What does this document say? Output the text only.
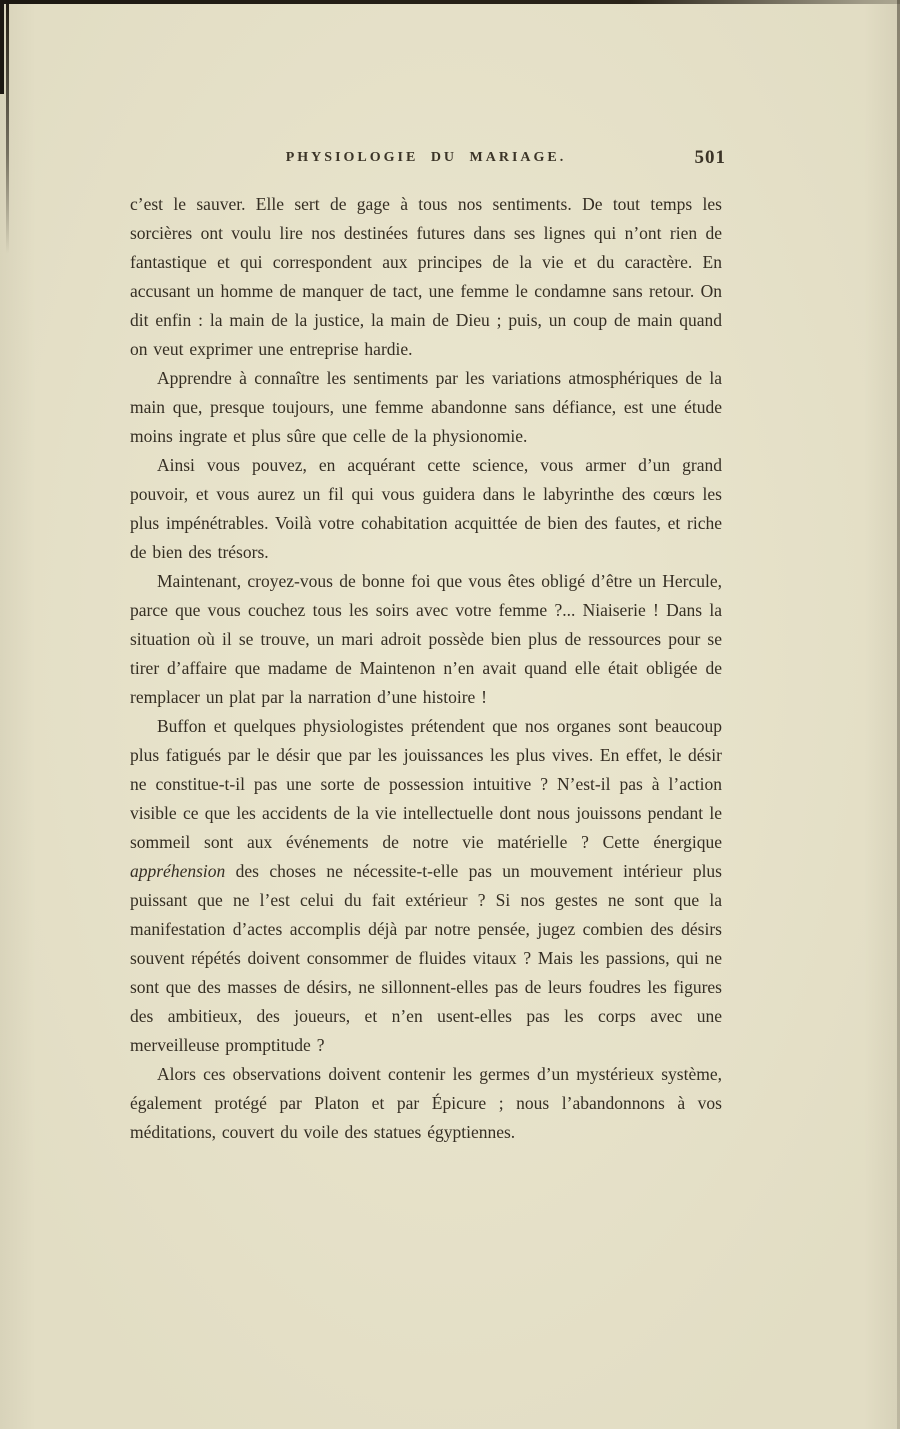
PHYSIOLOGIE DU MARIAGE.	501

c’est le sauver. Elle sert de gage à tous nos sentiments. De tout temps les sorcières ont voulu lire nos destinées futures dans ses lignes qui n’ont rien de fantastique et qui correspondent aux principes de la vie et du caractère. En accusant un homme de manquer de tact, une femme le condamne sans retour. On dit enfin : la main de la justice, la main de Dieu ; puis, un coup de main quand on veut exprimer une entreprise hardie.

Apprendre à connaître les sentiments par les variations atmosphériques de la main que, presque toujours, une femme abandonne sans défiance, est une étude moins ingrate et plus sûre que celle de la physionomie.

Ainsi vous pouvez, en acquérant cette science, vous armer d’un grand pouvoir, et vous aurez un fil qui vous guidera dans le labyrinthe des cœurs les plus impénétrables. Voilà votre cohabitation acquittée de bien des fautes, et riche de bien des trésors.

Maintenant, croyez-vous de bonne foi que vous êtes obligé d’être un Hercule, parce que vous couchez tous les soirs avec votre femme ?... Niaiserie ! Dans la situation où il se trouve, un mari adroit possède bien plus de ressources pour se tirer d’affaire que madame de Maintenon n’en avait quand elle était obligée de remplacer un plat par la narration d’une histoire !

Buffon et quelques physiologistes prétendent que nos organes sont beaucoup plus fatigués par le désir que par les jouissances les plus vives. En effet, le désir ne constitue-t-il pas une sorte de possession intuitive ? N’est-il pas à l’action visible ce que les accidents de la vie intellectuelle dont nous jouissons pendant le sommeil sont aux événements de notre vie matérielle ? Cette énergique appréhension des choses ne nécessite-t-elle pas un mouvement intérieur plus puissant que ne l’est celui du fait extérieur ? Si nos gestes ne sont que la manifestation d’actes accomplis déjà par notre pensée, jugez combien des désirs souvent répétés doivent consommer de fluides vitaux ? Mais les passions, qui ne sont que des masses de désirs, ne sillonnent-elles pas de leurs foudres les figures des ambitieux, des joueurs, et n’en usent-elles pas les corps avec une merveilleuse promptitude ?

Alors ces observations doivent contenir les germes d’un mystérieux système, également protégé par Platon et par Épicure ; nous l’abandonnons à vos méditations, couvert du voile des statues égyptiennes.
